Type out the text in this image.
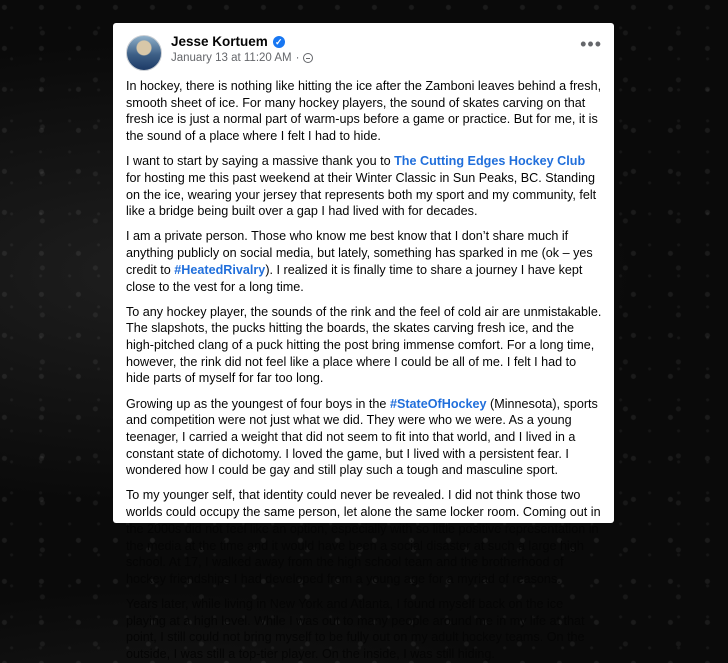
Jesse Kortuem ✓
January 13 at 11:20 AM ·
•••

In hockey, there is nothing like hitting the ice after the Zamboni leaves behind a fresh, smooth sheet of ice. For many hockey players, the sound of skates carving on that fresh ice is just a normal part of warm-ups before a game or practice. But for me, it is the sound of a place where I felt I had to hide.

I want to start by saying a massive thank you to The Cutting Edges Hockey Club for hosting me this past weekend at their Winter Classic in Sun Peaks, BC. Standing on the ice, wearing your jersey that represents both my sport and my community, felt like a bridge being built over a gap I had lived with for decades.

I am a private person. Those who know me best know that I don’t share much if anything publicly on social media, but lately, something has sparked in me (ok – yes credit to #HeatedRivalry). I realized it is finally time to share a journey I have kept close to the vest for a long time.

To any hockey player, the sounds of the rink and the feel of cold air are unmistakable. The slapshots, the pucks hitting the boards, the skates carving fresh ice, and the high-pitched clang of a puck hitting the post bring immense comfort. For a long time, however, the rink did not feel like a place where I could be all of me. I felt I had to hide parts of myself for far too long.

Growing up as the youngest of four boys in the #StateOfHockey (Minnesota), sports and competition were not just what we did. They were who we were. As a young teenager, I carried a weight that did not seem to fit into that world, and I lived in a constant state of dichotomy. I loved the game, but I lived with a persistent fear. I wondered how I could be gay and still play such a tough and masculine sport.

To my younger self, that identity could never be revealed. I did not think those two worlds could occupy the same person, let alone the same locker room. Coming out in the 2000s did not feel like an option, especially with so little positive representation in the media at the time and it would have been a social disaster at such a large high school. At 17, I walked away from the high school team and the brotherhood of hockey friendships I had developed from a young age for a myriad of reasons.

Years later, while living in New York and Atlanta, I found myself back on the ice playing at a high level. While I was out to many people around me in my life at that point, I still could not bring myself to be fully out on my adult hockey teams. On the outside, I was still a top-tier player. On the inside, I was still hiding.
